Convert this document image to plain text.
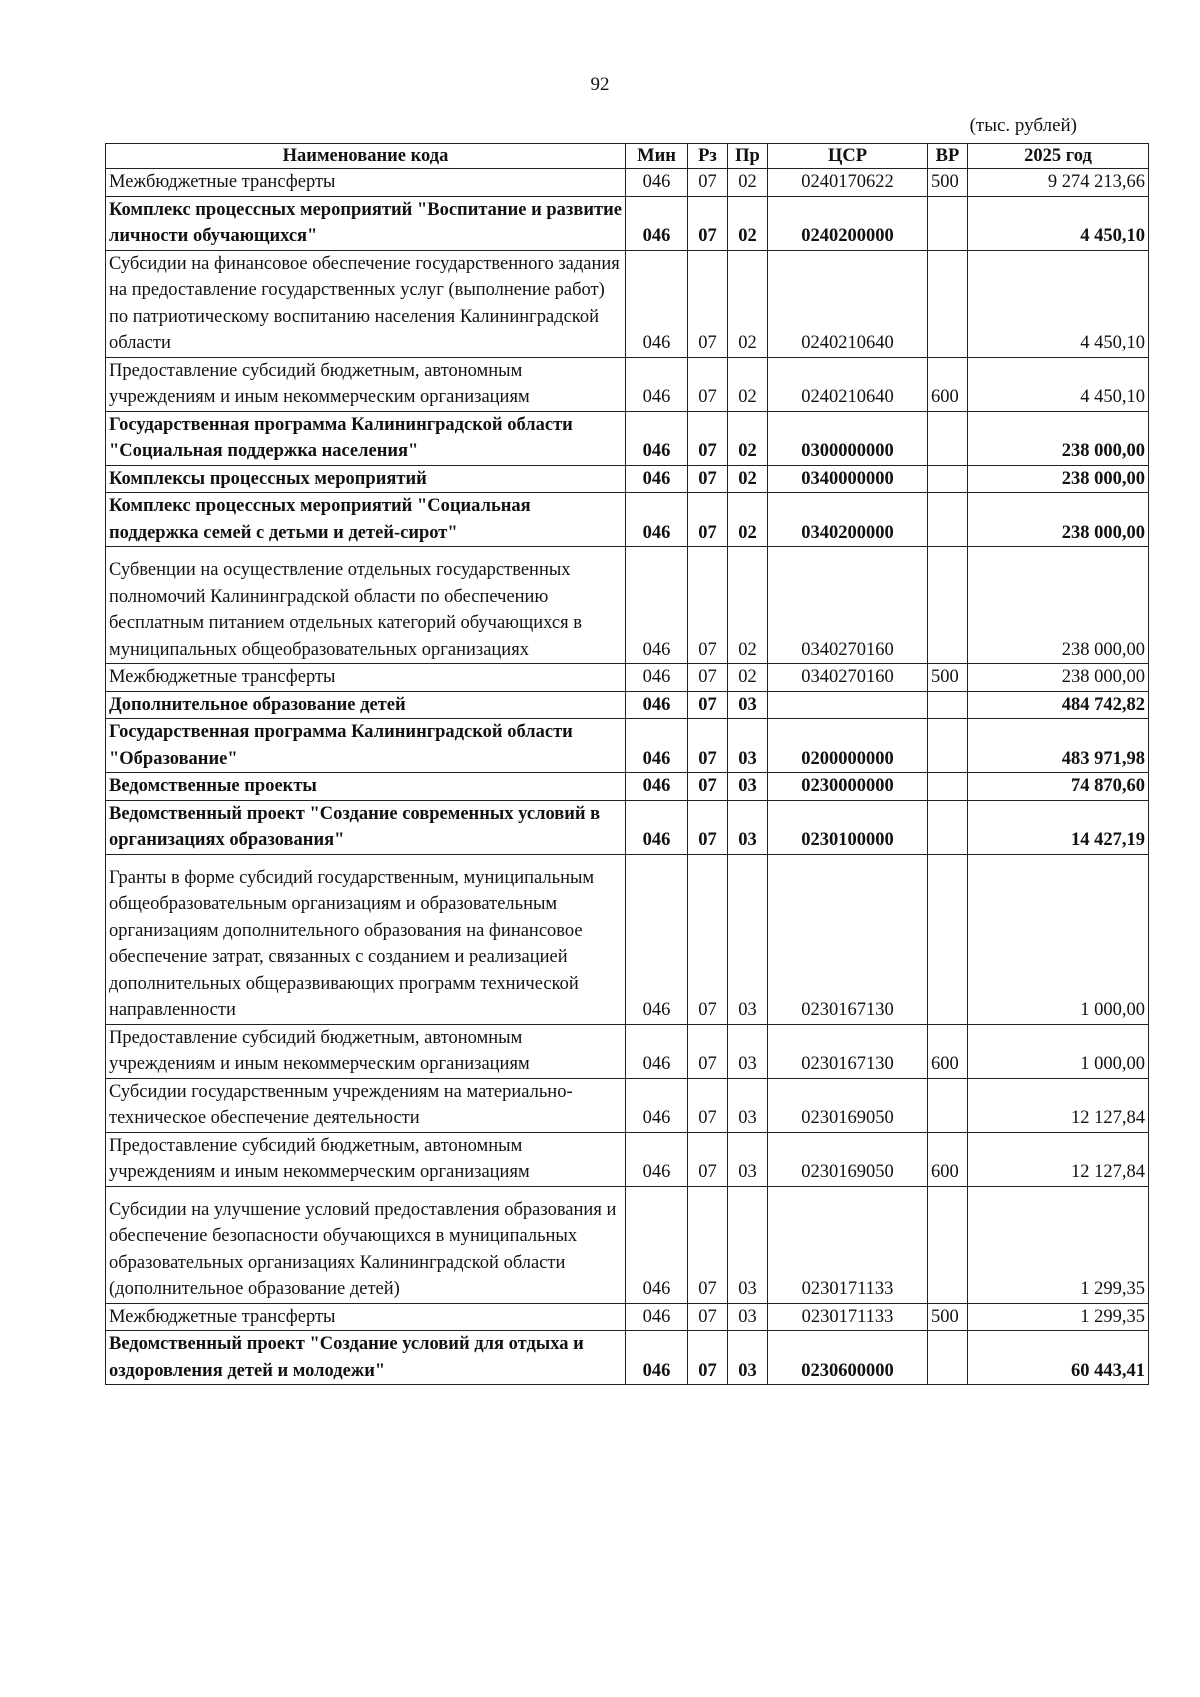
92
(тыс. рублей)
Наименование кода	Мин	Рз	Пр	ЦСР	ВР	2025 год
Межбюджетные трансферты	046	07	02	0240170622	500	9 274 213,66
Комплекс процессных мероприятий "Воспитание и развитие личности обучающихся"	046	07	02	0240200000		4 450,10
Субсидии на финансовое обеспечение государственного задания на предоставление государственных услуг (выполнение работ) по патриотическому воспитанию населения Калининградской области	046	07	02	0240210640		4 450,10
Предоставление субсидий бюджетным, автономным учреждениям и иным некоммерческим организациям	046	07	02	0240210640	600	4 450,10
Государственная программа Калининградской области "Социальная поддержка населения"	046	07	02	0300000000		238 000,00
Комплексы процессных мероприятий	046	07	02	0340000000		238 000,00
Комплекс процессных мероприятий "Социальная поддержка семей с детьми и детей-сирот"	046	07	02	0340200000		238 000,00
Субвенции на осуществление отдельных государственных полномочий Калининградской области по обеспечению бесплатным питанием отдельных категорий обучающихся в муниципальных общеобразовательных организациях	046	07	02	0340270160		238 000,00
Межбюджетные трансферты	046	07	02	0340270160	500	238 000,00
Дополнительное образование детей	046	07	03			484 742,82
Государственная программа Калининградской области "Образование"	046	07	03	0200000000		483 971,98
Ведомственные проекты	046	07	03	0230000000		74 870,60
Ведомственный проект "Создание современных условий в организациях образования"	046	07	03	0230100000		14 427,19
Гранты в форме субсидий государственным, муниципальным общеобразовательным организациям и образовательным организациям дополнительного образования на финансовое обеспечение затрат, связанных с созданием и реализацией дополнительных общеразвивающих программ технической направленности	046	07	03	0230167130		1 000,00
Предоставление субсидий бюджетным, автономным учреждениям и иным некоммерческим организациям	046	07	03	0230167130	600	1 000,00
Субсидии государственным учреждениям на материально-техническое обеспечение деятельности	046	07	03	0230169050		12 127,84
Предоставление субсидий бюджетным, автономным учреждениям и иным некоммерческим организациям	046	07	03	0230169050	600	12 127,84
Субсидии на улучшение условий предоставления образования и обеспечение безопасности обучающихся в муниципальных образовательных организациях Калининградской области (дополнительное образование детей)	046	07	03	0230171133		1 299,35
Межбюджетные трансферты	046	07	03	0230171133	500	1 299,35
Ведомственный проект "Создание условий для отдыха и оздоровления детей и молодежи"	046	07	03	0230600000		60 443,41
